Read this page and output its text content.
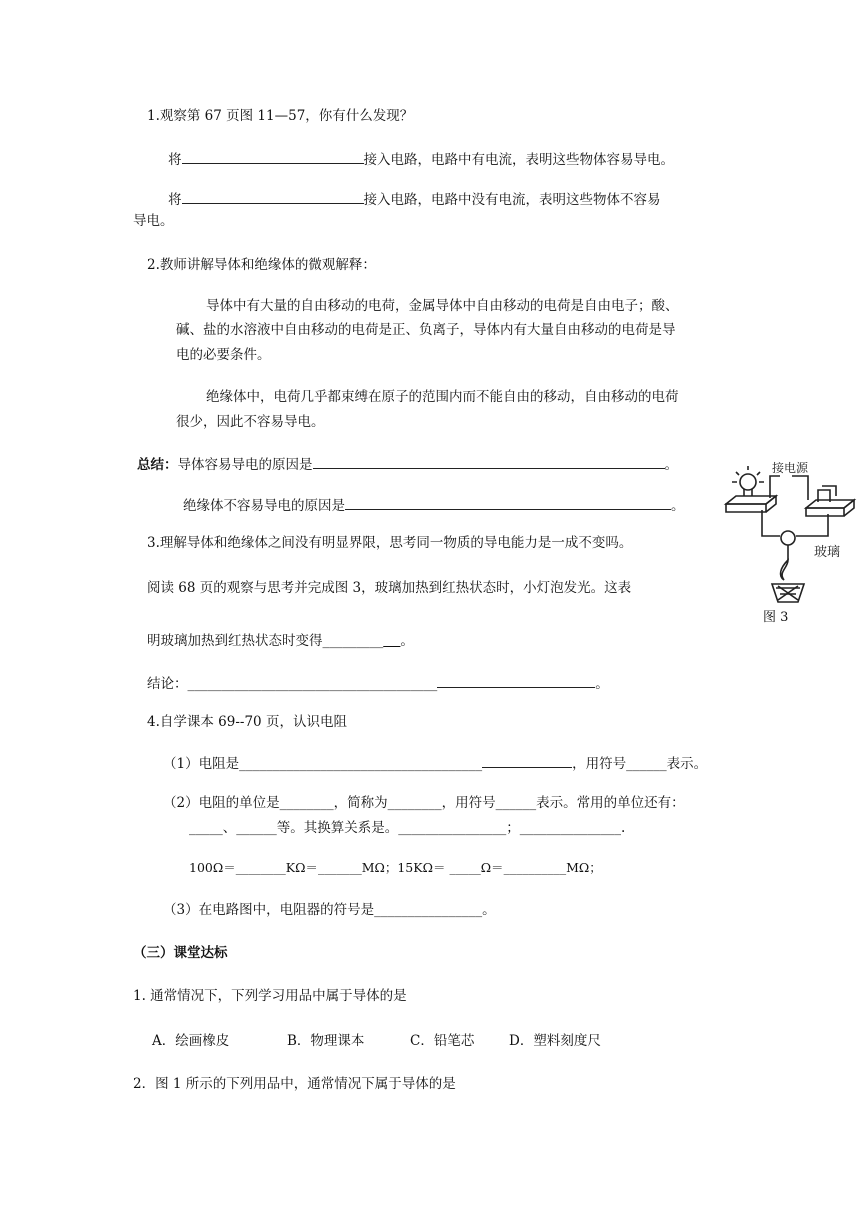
1.观察第 67 页图 11—57，你有什么发现？
将	接入电路，电路中有电流，表明这些物体容易导电。
将	接入电路，电路中没有电流，表明这些物体不容易
导电。
2.教师讲解导体和绝缘体的微观解释：
导体中有大量的自由移动的电荷，金属导体中自由移动的电荷是自由电子；酸、
碱、盐的水溶液中自由移动的电荷是正、负离子，导体内有大量自由移动的电荷是导
电的必要条件。
绝缘体中，电荷几乎都束缚在原子的范围内而不能自由的移动，自由移动的电荷
很少，因此不容易导电。
总结：导体容易导电的原因是	。
绝缘体不容易导电的原因是	。
3.理解导体和绝缘体之间没有明显界限，思考同一物质的导电能力是一成不变吗。
阅读 68 页的观察与思考并完成图 3，玻璃加热到红热状态时，小灯泡发光。这表
明玻璃加热到红热状态时变得_________ 。
结论：_____________________________________	。
4.自学课本 69--70 页，认识电阻
（1）电阻是____________________________________	，用符号______表示。
（2）电阻的单位是________，简称为________，用符号______表示。常用的单位还有：
_____、______等。其换算关系是。________________；_______________.
100Ω＝________KΩ＝_______MΩ；15KΩ＝ _____Ω＝__________MΩ；
（3）在电路图中，电阻器的符号是________________。
（三）课堂达标
1. 通常情况下，下列学习用品中属于导体的是
A．绘画橡皮	B．物理课本	C．铅笔芯	D．塑料刻度尺
2．图 1 所示的下列用品中，通常情况下属于导体的是
接电源
玻璃
图 3
